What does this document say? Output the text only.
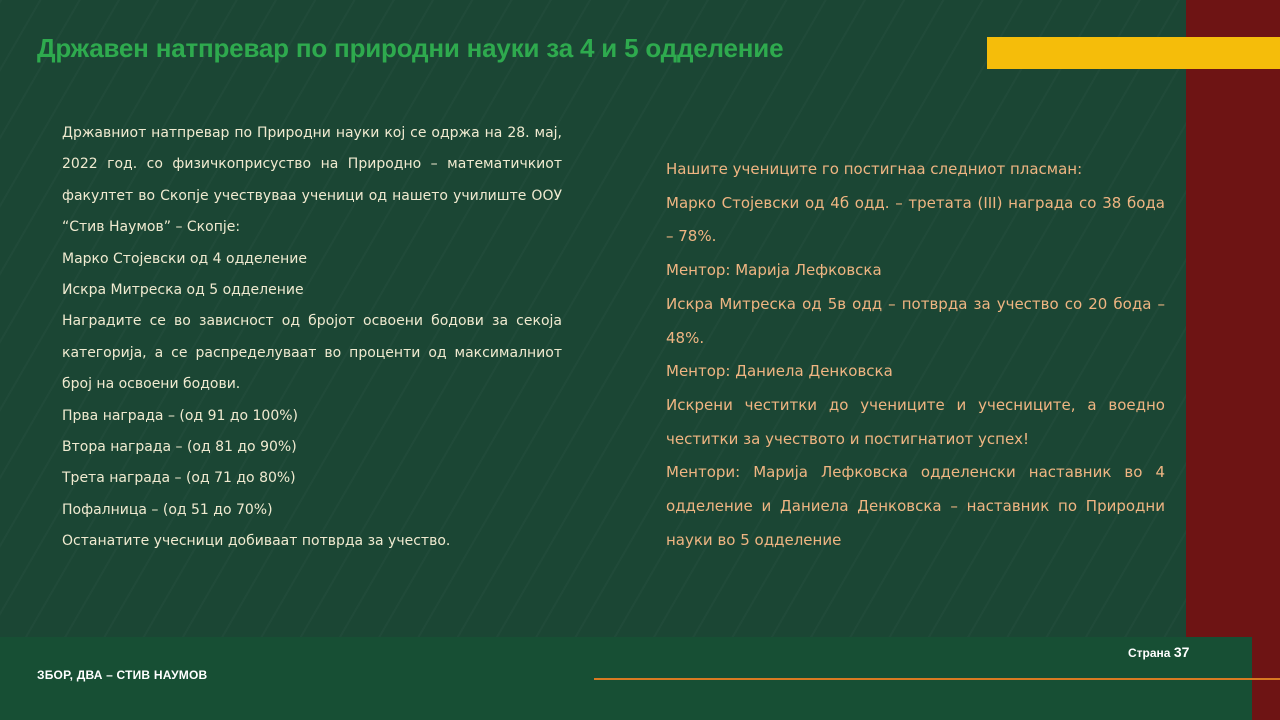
Државен натпревар по природни науки за 4 и 5 одделение

Државниот натпревар по Природни науки кој се одржа на 28. мај, 2022 год. со физичкоприсуство на Природно – математичкиот факултет во Скопје учествуваа ученици од нашето училиште ООУ “Стив Наумов” – Скопје:

Марко Стојевски од 4 одделение

Искра Митреска од 5 одделение

Наградите се во зависност од бројот освоени бодови за секоја категорија, а се распределуваат во проценти од максималниот број на освоени бодови.

Прва награда – (од 91 до 100%)

Втора награда – (од 81 до 90%)

Трета награда – (од 71 до 80%)

Пофалница – (од 51 до 70%)

Останатите учесници добиваат потврда за учество.

Нашите учениците го постигнаа следниот пласман:

Марко Стојевски од 4б одд. – третата (III) награда со 38 бода – 78%.

Ментор: Марија Лефковска

Искра Митреска од 5в одд – потврда за учество со 20 бода – 48%.

Ментор: Даниела Денковска

Искрени честитки до учениците и учесниците, а воедно честитки за учеството и постигнатиот успех!

Ментори: Марија Лефковска одделенски наставник во 4 одделение и Даниела Денковска – наставник по Природни науки во 5 одделение

ЗБОР, ДВА – СТИВ НАУМОВ
Страна 37
